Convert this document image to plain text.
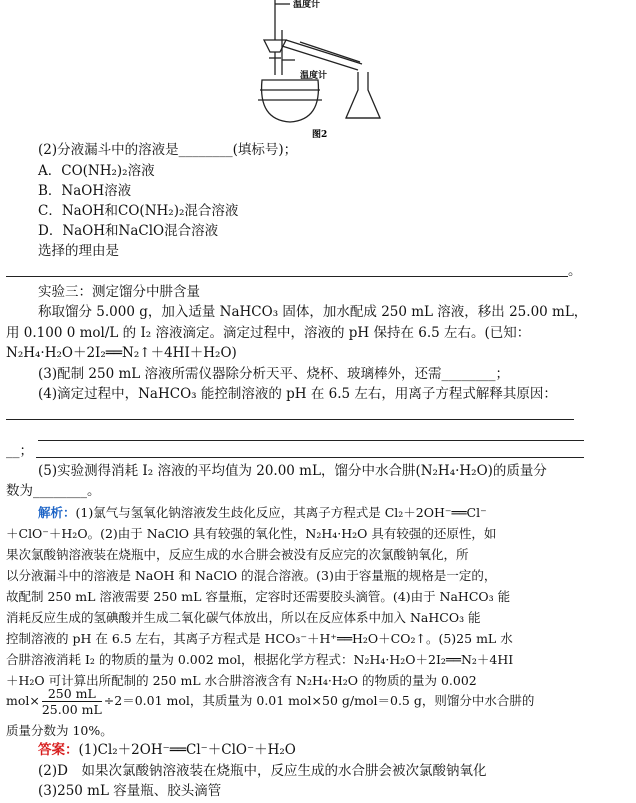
图2
温度计
温度计
(2)分液漏斗中的溶液是________(填标号)；
A．CO(NH₂)₂溶液
B．NaOH溶液
C．NaOH和CO(NH₂)₂混合溶液
D．NaOH和NaClO混合溶液
选择的理由是
。
实验三：测定馏分中肼含量
称取馏分 5.000 g，加入适量 NaHCO₃ 固体，加水配成 250 mL 溶液，移出 25.00 mL，
用 0.100 0 mol/L 的 I₂ 溶液滴定。滴定过程中，溶液的 pH 保持在 6.5 左右。(已知：
N₂H₄·H₂O＋2I₂══N₂↑＋4HI＋H₂O)
(3)配制 250 mL 溶液所需仪器除分析天平、烧杯、玻璃棒外，还需________；
(4)滴定过程中，NaHCO₃ 能控制溶液的 pH 在 6.5 左右，用离子方程式解释其原因：
__；
(5)实验测得消耗 I₂ 溶液的平均值为 20.00 mL，馏分中水合肼(N₂H₄·H₂O)的质量分
数为________。
解析：(1)氯气与氢氧化钠溶液发生歧化反应，其离子方程式是 Cl₂＋2OH⁻══Cl⁻
＋ClO⁻＋H₂O。(2)由于 NaClO 具有较强的氧化性，N₂H₄·H₂O 具有较强的还原性，如
果次氯酸钠溶液装在烧瓶中，反应生成的水合肼会被没有反应完的次氯酸钠氧化，所
以分液漏斗中的溶液是 NaOH 和 NaClO 的混合溶液。(3)由于容量瓶的规格是一定的，
故配制 250 mL 溶液需要 250 mL 容量瓶，定容时还需要胶头滴管。(4)由于 NaHCO₃ 能
消耗反应生成的氢碘酸并生成二氧化碳气体放出，所以在反应体系中加入 NaHCO₃ 能
控制溶液的 pH 在 6.5 左右，其离子方程式是 HCO₃⁻＋H⁺══H₂O＋CO₂↑。(5)25 mL 水
合肼溶液消耗 I₂ 的物质的量为 0.002 mol，根据化学方程式：N₂H₄·H₂O＋2I₂══N₂＋4HI
＋H₂O 可计算出所配制的 250 mL 水合肼溶液含有 N₂H₄·H₂O 的物质的量为 0.002
$mol\times \frac{250 mL}{25.00 mL} \div 2=0.01$ mol，其质量为 0.01 mol×50 g/mol＝0.5 g，则馏分中水合肼的
质量分数为 10%。
答案：(1)Cl₂＋2OH⁻══Cl⁻＋ClO⁻＋H₂O
(2)D　如果次氯酸钠溶液装在烧瓶中，反应生成的水合肼会被次氯酸钠氧化
(3)250 mL 容量瓶、胶头滴管
